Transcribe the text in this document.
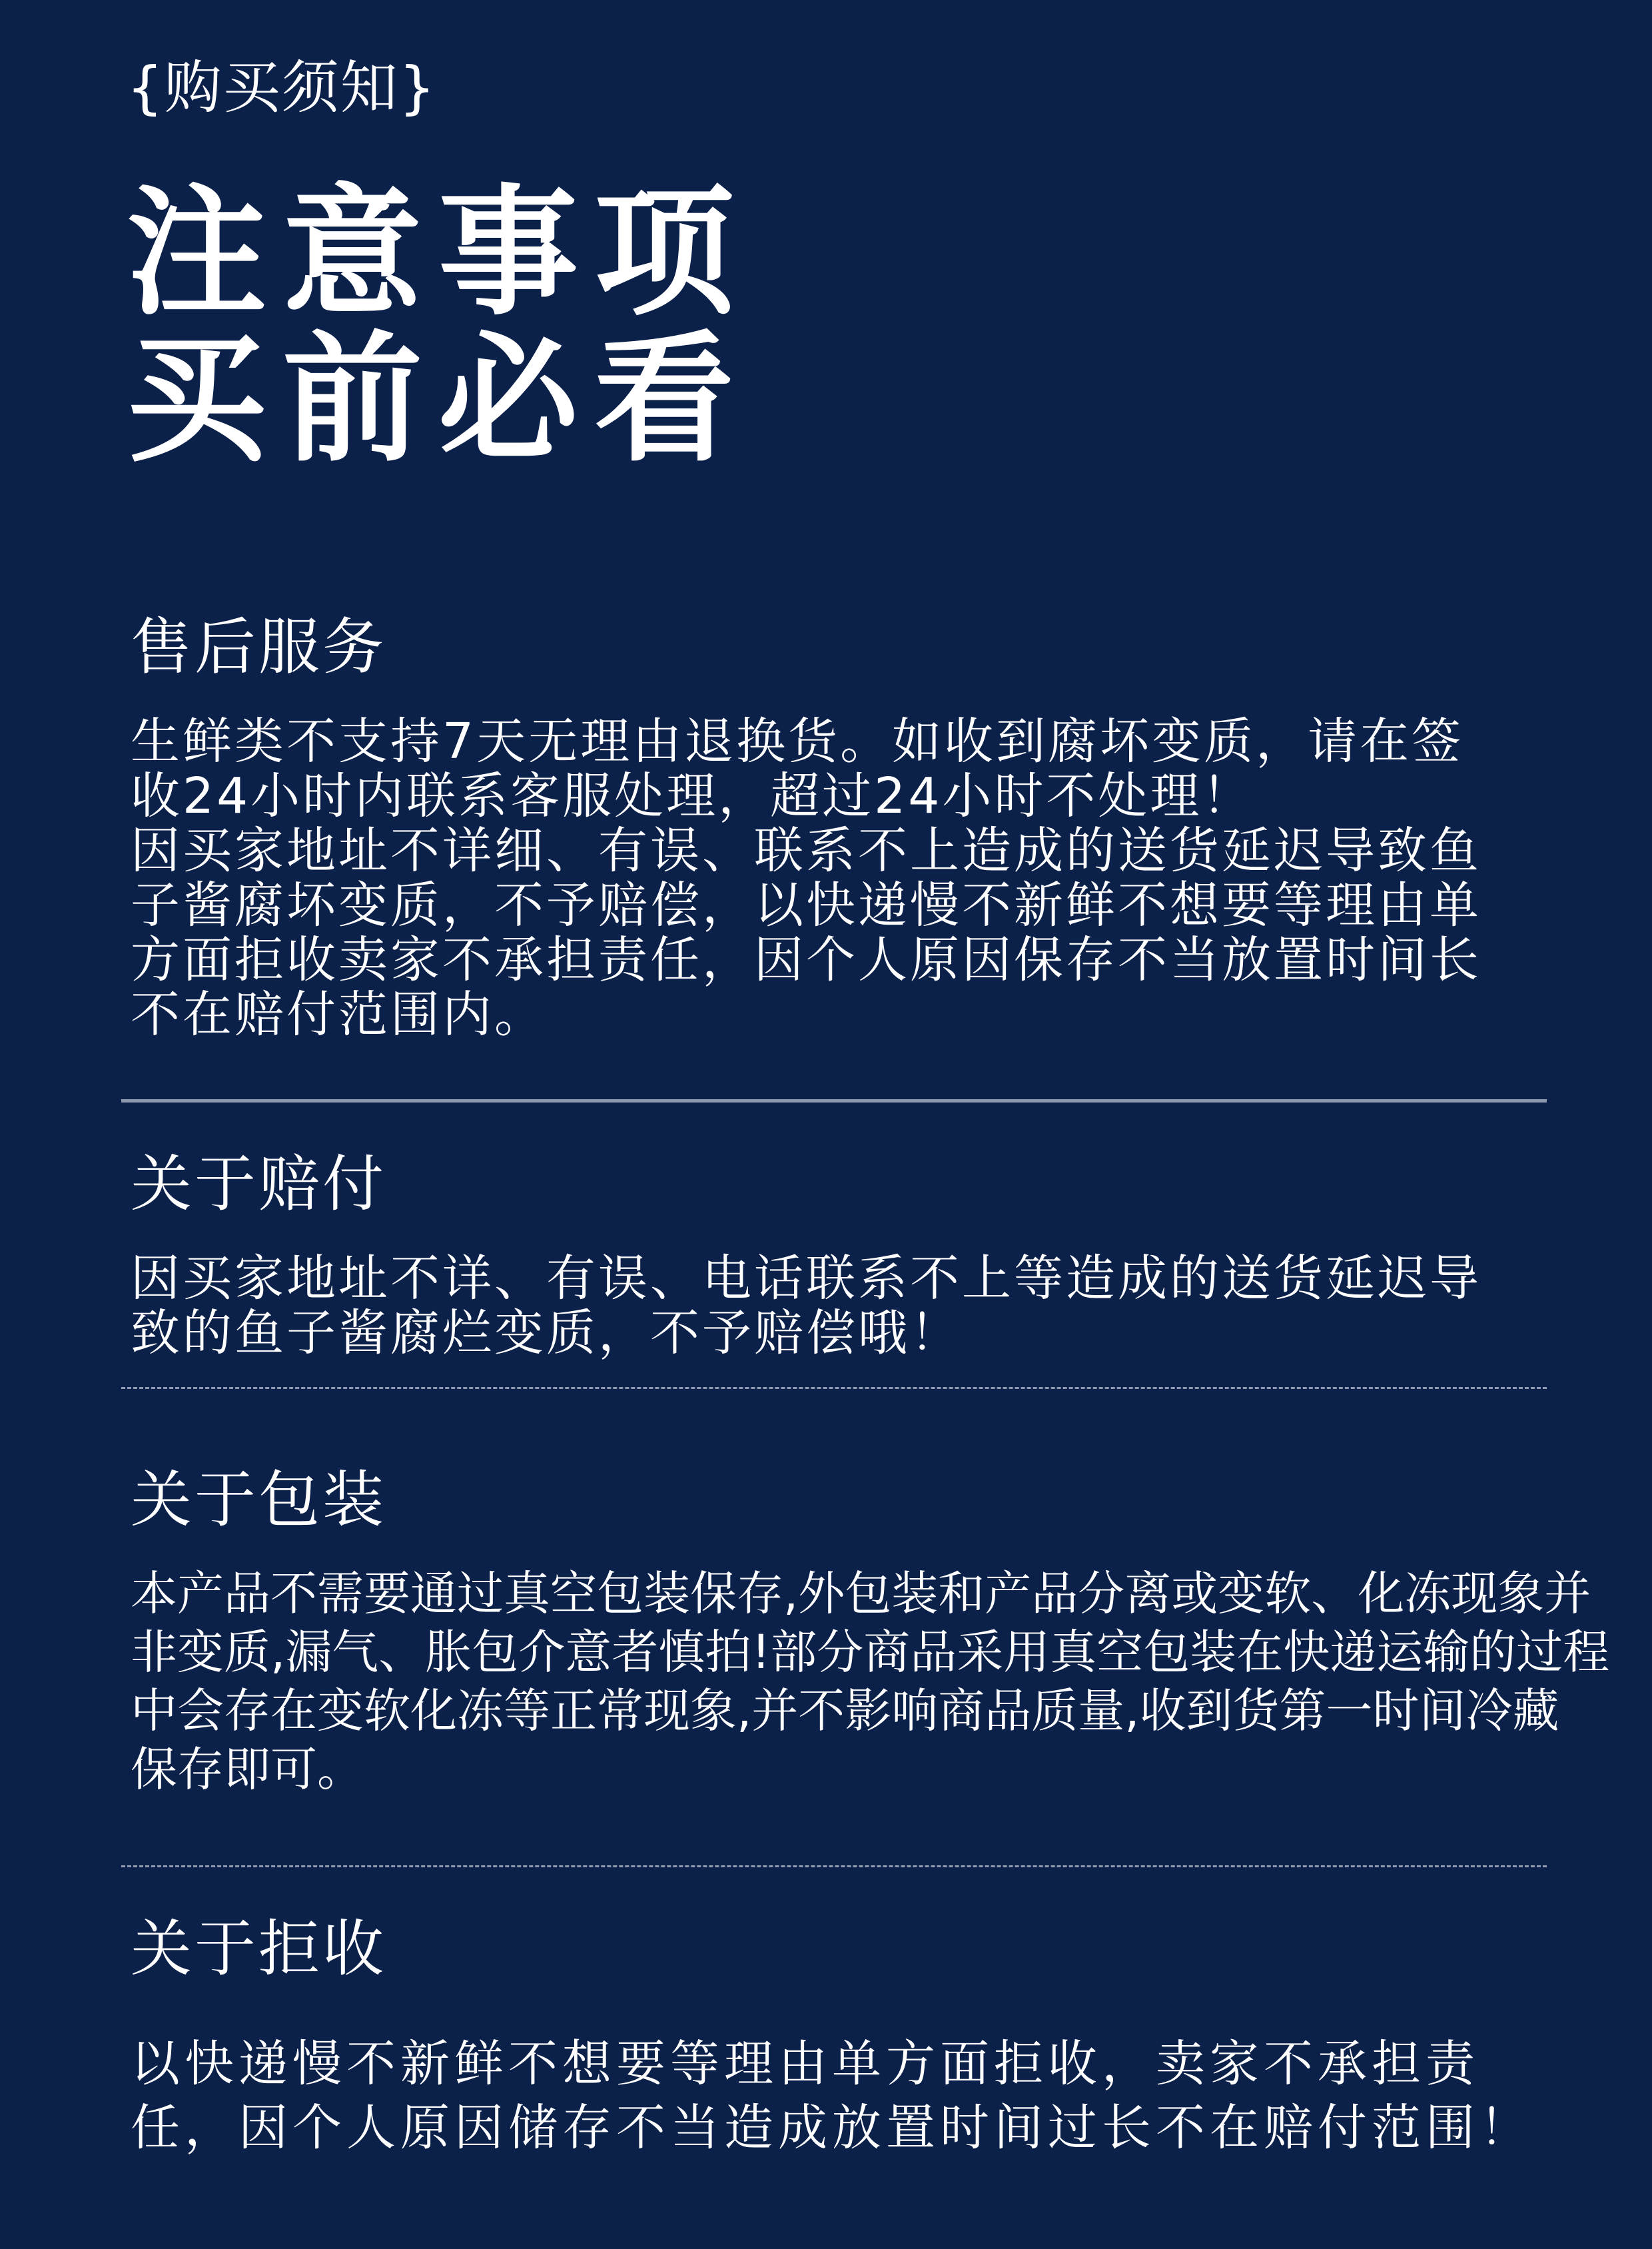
{购买须知}
注意事项
买前必看
售后服务
生鲜类不支持7天无理由退换货。如收到腐坏变质，请在签
收24小时内联系客服处理，超过24小时不处理！
因买家地址不详细、有误、联系不上造成的送货延迟导致鱼
子酱腐坏变质，不予赔偿，以快递慢不新鲜不想要等理由单
方面拒收卖家不承担责任，因个人原因保存不当放置时间长
不在赔付范围内。
关于赔付
因买家地址不详、有误、电话联系不上等造成的送货延迟导
致的鱼子酱腐烂变质，不予赔偿哦！
关于包装
本产品不需要通过真空包装保存,外包装和产品分离或变软、化冻现象并
非变质,漏气、胀包介意者慎拍!部分商品采用真空包装在快递运输的过程
中会存在变软化冻等正常现象,并不影响商品质量,收到货第一时间冷藏
保存即可。
关于拒收
以快递慢不新鲜不想要等理由单方面拒收，卖家不承担责
任，因个人原因储存不当造成放置时间过长不在赔付范围！
